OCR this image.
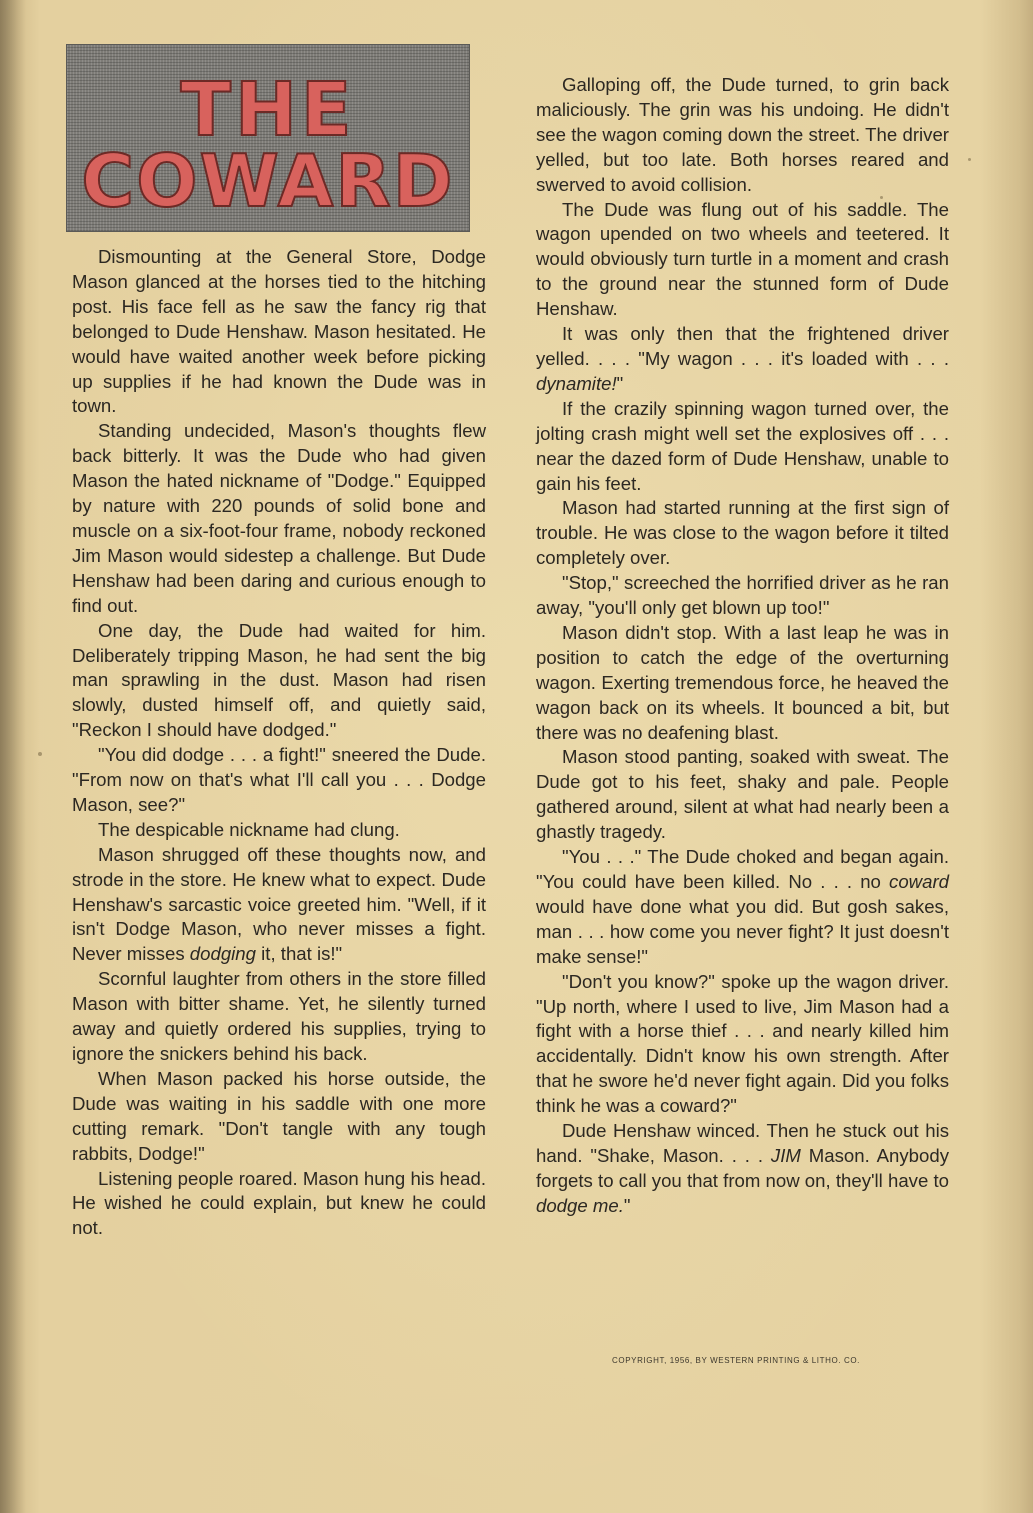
THE
COWARD

Dismounting at the General Store, Dodge Mason glanced at the horses tied to the hitching post. His face fell as he saw the fancy rig that belonged to Dude Henshaw. Mason hesitated. He would have waited another week before picking up supplies if he had known the Dude was in town.

Standing undecided, Mason's thoughts flew back bitterly. It was the Dude who had given Mason the hated nickname of "Dodge." Equipped by nature with 220 pounds of solid bone and muscle on a six-foot-four frame, nobody reckoned Jim Mason would sidestep a challenge. But Dude Henshaw had been daring and curious enough to find out.

One day, the Dude had waited for him. Deliberately tripping Mason, he had sent the big man sprawling in the dust. Mason had risen slowly, dusted himself off, and quietly said, "Reckon I should have dodged."

"You did dodge . . . a fight!" sneered the Dude. "From now on that's what I'll call you . . . Dodge Mason, see?"

The despicable nickname had clung.

Mason shrugged off these thoughts now, and strode in the store. He knew what to expect. Dude Henshaw's sarcastic voice greeted him. "Well, if it isn't Dodge Mason, who never misses a fight. Never misses dodging it, that is!"

Scornful laughter from others in the store filled Mason with bitter shame. Yet, he silently turned away and quietly ordered his supplies, trying to ignore the snickers behind his back.

When Mason packed his horse outside, the Dude was waiting in his saddle with one more cutting remark. "Don't tangle with any tough rabbits, Dodge!"

Listening people roared. Mason hung his head. He wished he could explain, but knew he could not.

Galloping off, the Dude turned, to grin back maliciously. The grin was his undoing. He didn't see the wagon coming down the street. The driver yelled, but too late. Both horses reared and swerved to avoid collision.

The Dude was flung out of his saddle. The wagon upended on two wheels and teetered. It would obviously turn turtle in a moment and crash to the ground near the stunned form of Dude Henshaw.

It was only then that the frightened driver yelled. . . . "My wagon . . . it's loaded with . . . dynamite!"

If the crazily spinning wagon turned over, the jolting crash might well set the explosives off . . . near the dazed form of Dude Henshaw, unable to gain his feet.

Mason had started running at the first sign of trouble. He was close to the wagon before it tilted completely over.

"Stop," screeched the horrified driver as he ran away, "you'll only get blown up too!"

Mason didn't stop. With a last leap he was in position to catch the edge of the overturning wagon. Exerting tremendous force, he heaved the wagon back on its wheels. It bounced a bit, but there was no deafening blast.

Mason stood panting, soaked with sweat. The Dude got to his feet, shaky and pale. People gathered around, silent at what had nearly been a ghastly tragedy.

"You . . ." The Dude choked and began again. "You could have been killed. No . . . no coward would have done what you did. But gosh sakes, man . . . how come you never fight? It just doesn't make sense!"

"Don't you know?" spoke up the wagon driver. "Up north, where I used to live, Jim Mason had a fight with a horse thief . . . and nearly killed him accidentally. Didn't know his own strength. After that he swore he'd never fight again. Did you folks think he was a coward?"

Dude Henshaw winced. Then he stuck out his hand. "Shake, Mason. . . . JIM Mason. Anybody forgets to call you that from now on, they'll have to dodge me."

COPYRIGHT, 1956, BY WESTERN PRINTING & LITHO. CO.
